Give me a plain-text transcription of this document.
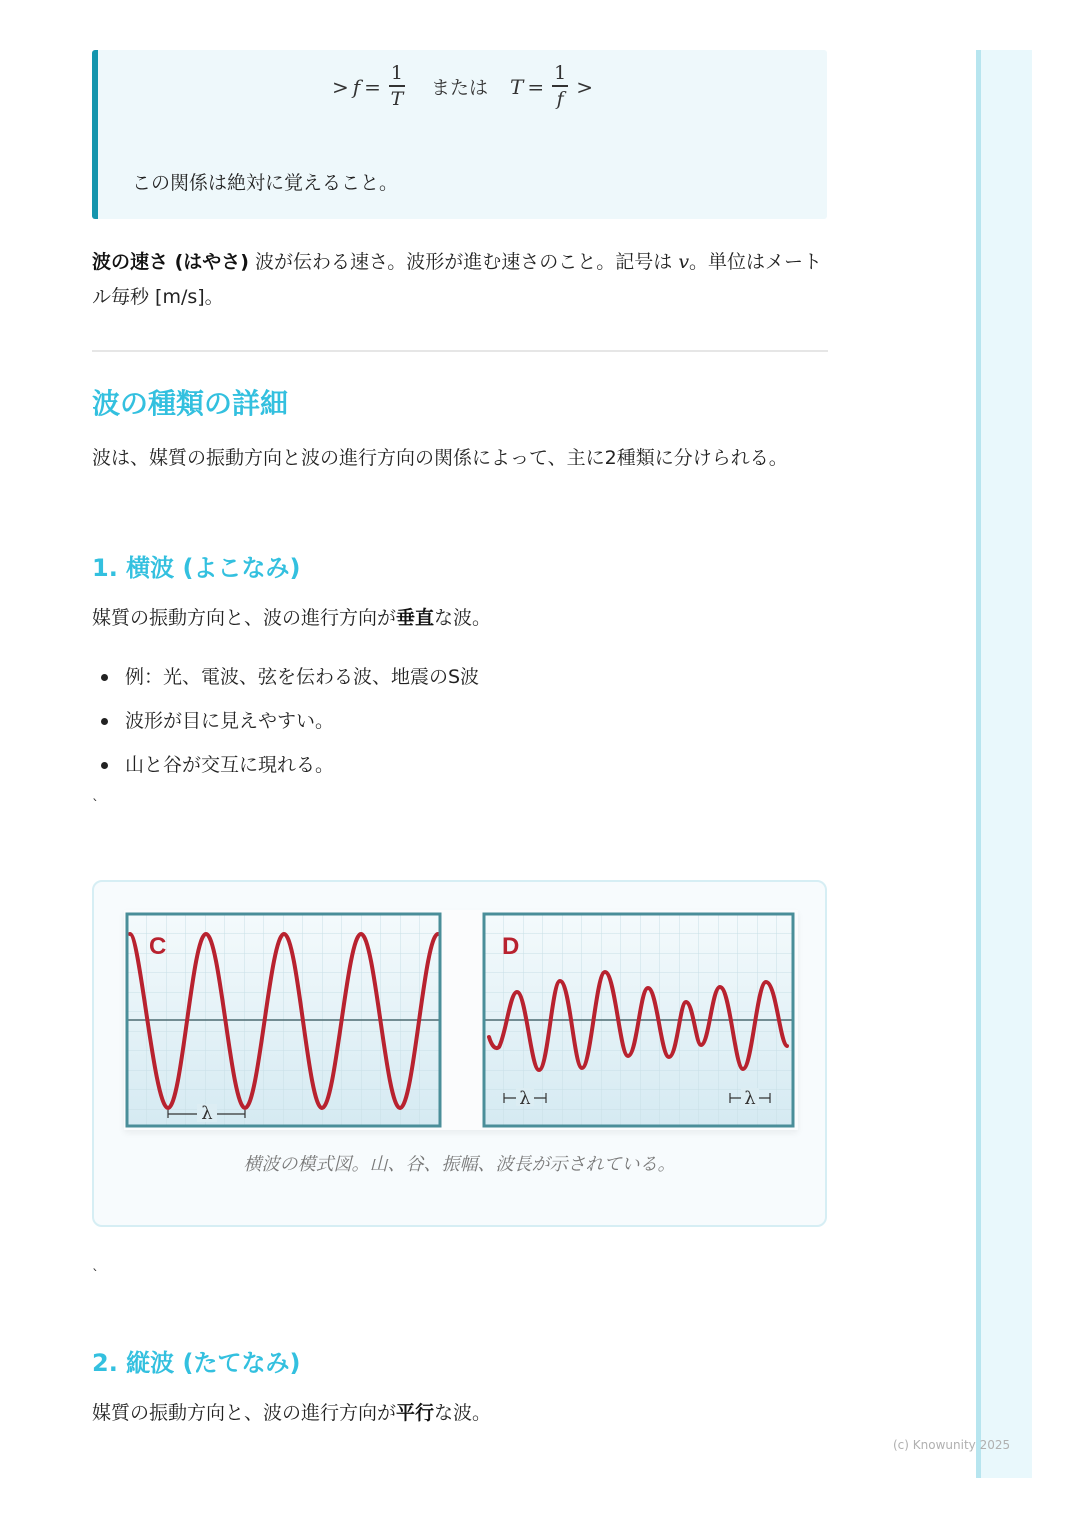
> $f = \frac{1}{T}$ または $T = \frac{1}{f}$ >
この関係は絶対に覚えること。

波の速さ (はやさ) 波が伝わる速さ。波形が進む速さのこと。記号は v。単位はメートル毎秒 [m/s]。

波の種類の詳細

波は、媒質の振動方向と波の進行方向の関係によって、主に2種類に分けられる。

1. 横波 (よこなみ)

媒質の振動方向と、波の進行方向が垂直な波。

例：光、電波、弦を伝わる波、地震のS波
波形が目に見えやすい。
山と谷が交互に現れる。
`
C
λ
D
λ	λ
横波の模式図。山、谷、振幅、波長が示されている。
`
2. 縦波 (たてなみ)

媒質の振動方向と、波の進行方向が平行な波。

(c) Knowunity 2025
